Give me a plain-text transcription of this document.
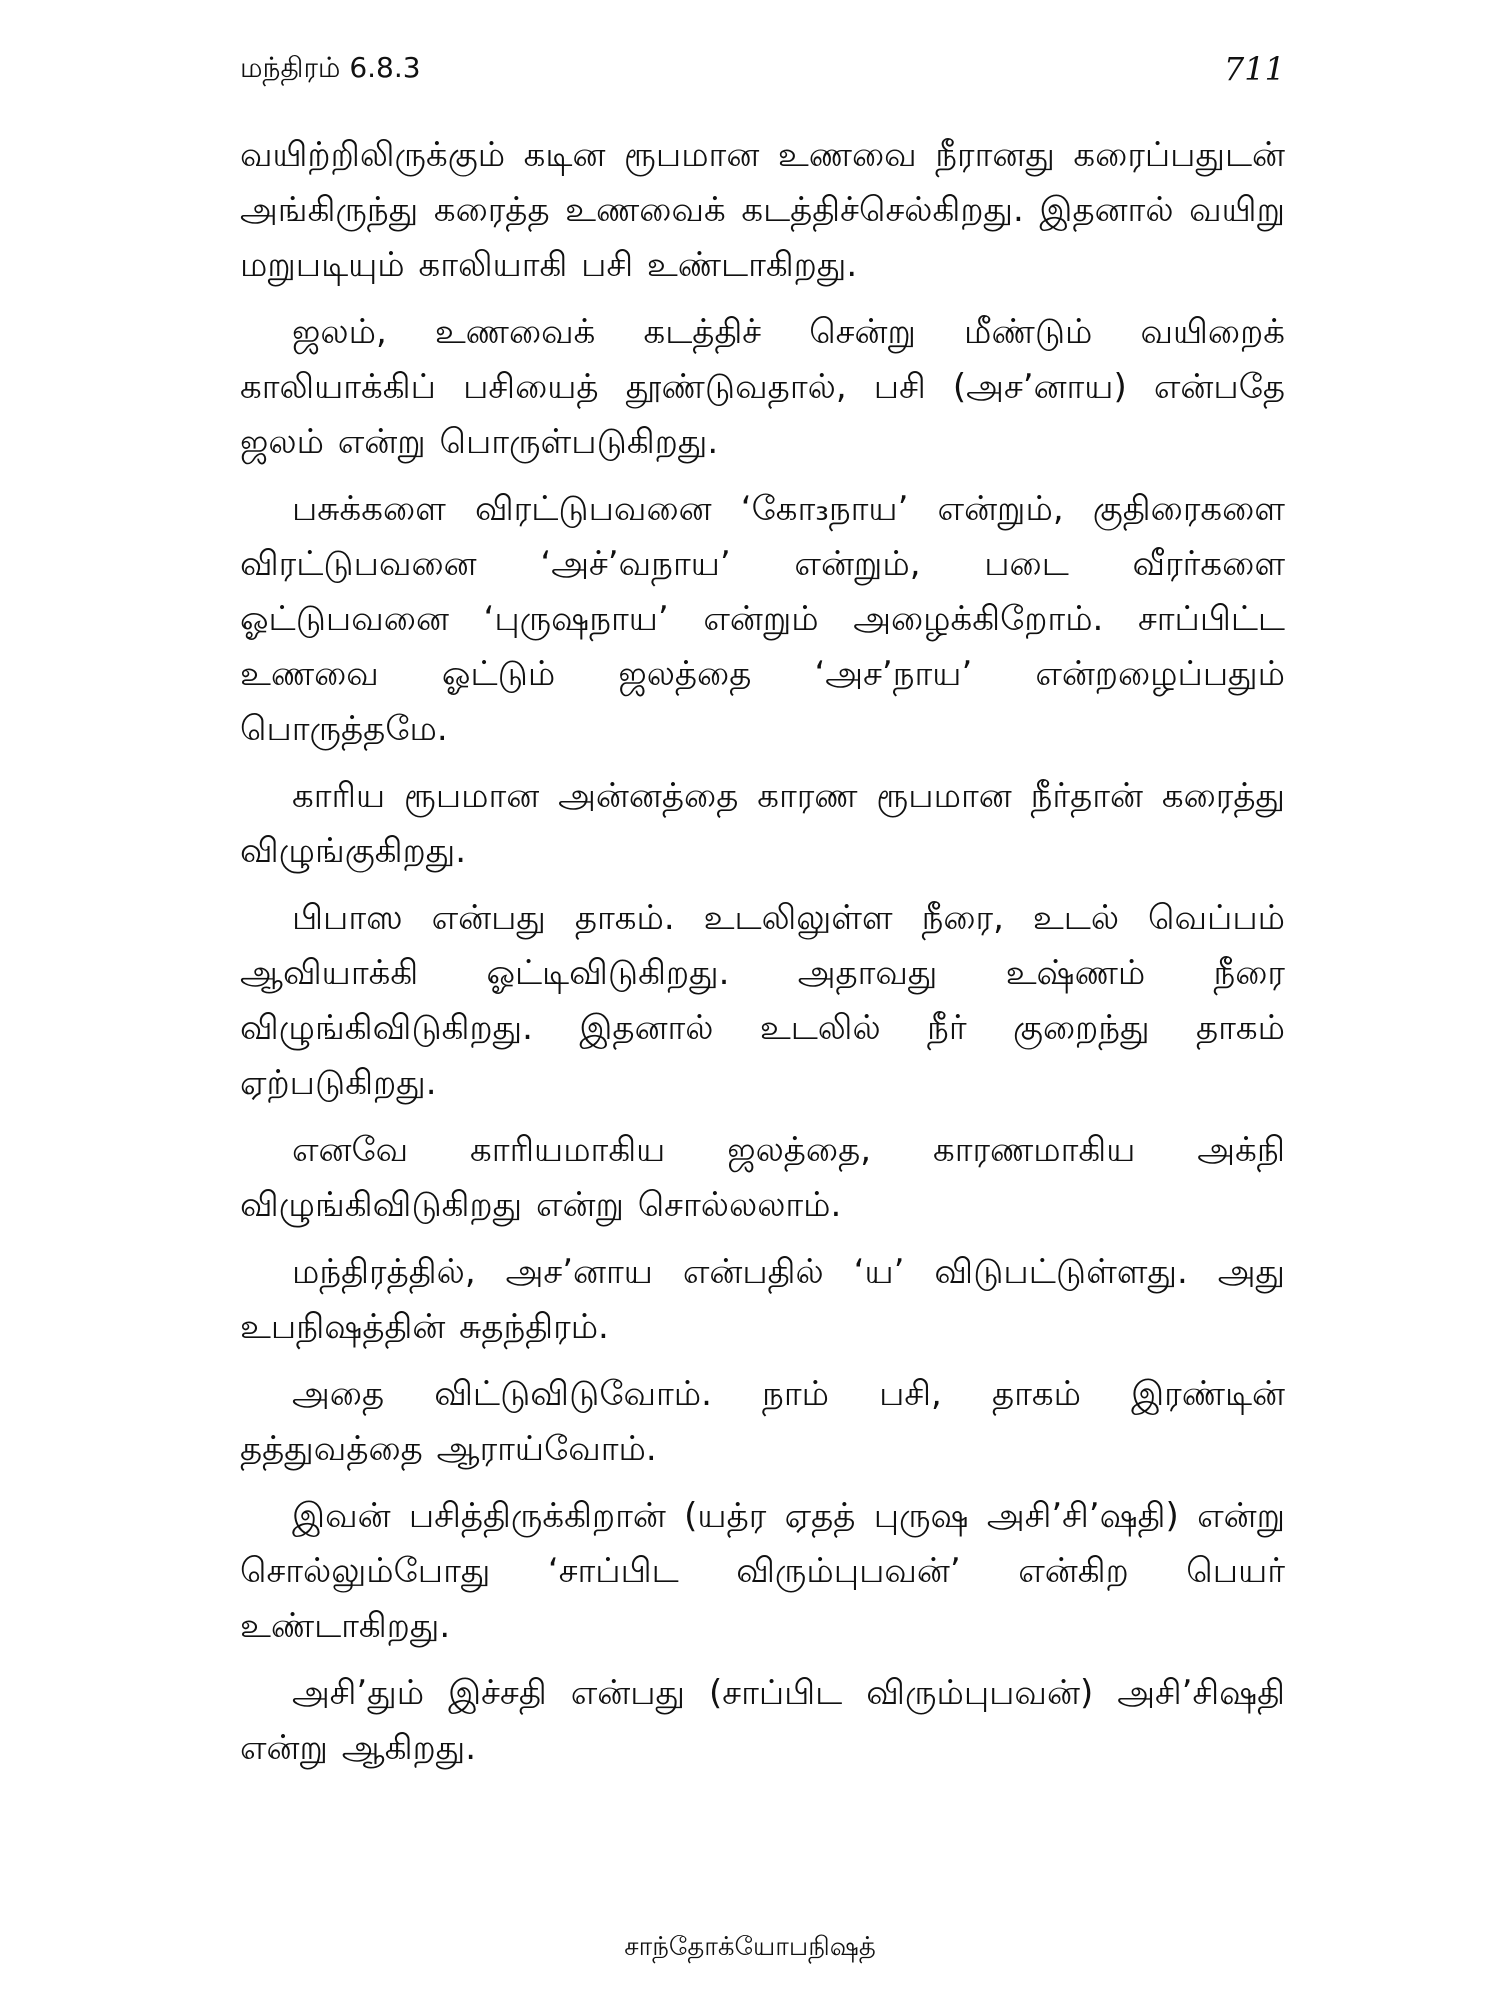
மந்திரம் 6.8.3	711

வயிற்றிலிருக்கும் கடின ரூபமான உணவை நீரானது கரைப்பதுடன் அங்கிருந்து கரைத்த உணவைக் கடத்திச்செல்கிறது. இதனால் வயிறு மறுபடியும் காலியாகி பசி உண்டாகிறது.

ஜலம், உணவைக் கடத்திச் சென்று மீண்டும் வயிறைக் காலியாக்கிப் பசியைத் தூண்டுவதால், பசி (அச’னாய) என்பதே ஜலம் என்று பொருள்படுகிறது.

பசுக்களை விரட்டுபவனை ‘கோ₃நாய’ என்றும், குதிரைகளை விரட்டுபவனை ‘அச்’வநாய’ என்றும், படை வீரர்களை ஓட்டுபவனை ‘புருஷநாய’ என்றும் அழைக்கிறோம். சாப்பிட்ட உணவை ஓட்டும் ஜலத்தை ‘அச’நாய’ என்றழைப்பதும் பொருத்தமே.

காரிய ரூபமான அன்னத்தை காரண ரூபமான நீர்தான் கரைத்து விழுங்குகிறது.

பிபாஸ என்பது தாகம். உடலிலுள்ள நீரை, உடல் வெப்பம் ஆவியாக்கி ஓட்டிவிடுகிறது. அதாவது உஷ்ணம் நீரை விழுங்கிவிடுகிறது. இதனால் உடலில் நீர் குறைந்து தாகம் ஏற்படுகிறது.

எனவே காரியமாகிய ஜலத்தை, காரணமாகிய அக்நி விழுங்கிவிடுகிறது என்று சொல்லலாம்.

மந்திரத்தில், அச’னாய என்பதில் ‘ய’ விடுபட்டுள்ளது. அது உபநிஷத்தின் சுதந்திரம்.

அதை விட்டுவிடுவோம். நாம் பசி, தாகம் இரண்டின் தத்துவத்தை ஆராய்வோம்.

இவன் பசித்திருக்கிறான் (யத்ர ஏதத் புருஷ அசி’சி’ஷதி) என்று சொல்லும்போது ‘சாப்பிட விரும்புபவன்’ என்கிற பெயர் உண்டாகிறது.

அசி’தும் இச்சதி என்பது (சாப்பிட விரும்புபவன்) அசி’சிஷதி என்று ஆகிறது.

சாந்தோக்யோபநிஷத்
